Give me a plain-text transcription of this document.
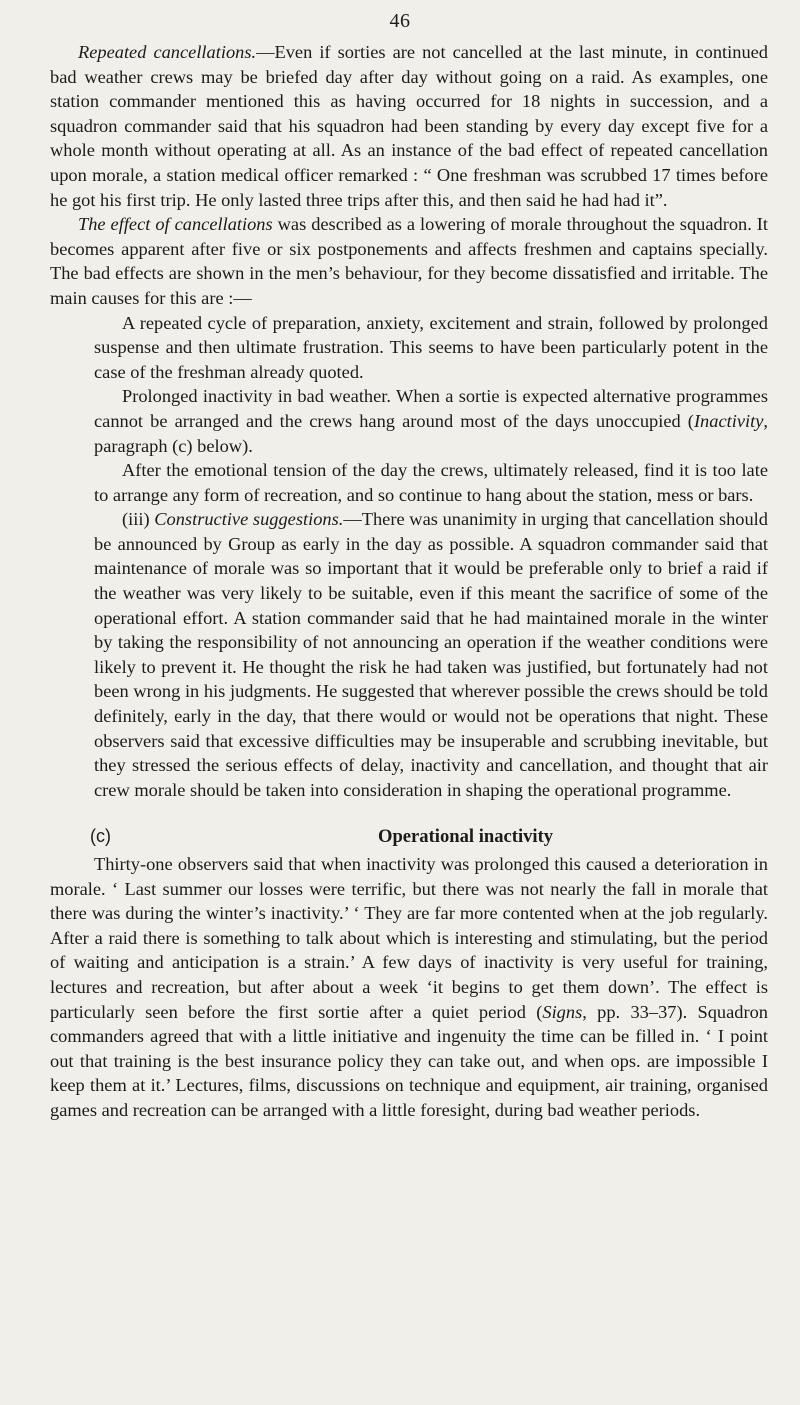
46

Repeated cancellations.—Even if sorties are not cancelled at the last minute, in continued bad weather crews may be briefed day after day without going on a raid. As examples, one station commander mentioned this as having occurred for 18 nights in succession, and a squadron commander said that his squadron had been standing by every day except five for a whole month without operating at all. As an instance of the bad effect of repeated cancellation upon morale, a station medical officer remarked : “ One freshman was scrubbed 17 times before he got his first trip. He only lasted three trips after this, and then said he had had it”.

The effect of cancellations was described as a lowering of morale throughout the squadron. It becomes apparent after five or six postponements and affects freshmen and captains specially. The bad effects are shown in the men’s behaviour, for they become dissatisfied and irritable. The main causes for this are :—

A repeated cycle of preparation, anxiety, excitement and strain, followed by prolonged suspense and then ultimate frustration. This seems to have been particularly potent in the case of the freshman already quoted.

Prolonged inactivity in bad weather. When a sortie is expected alternative programmes cannot be arranged and the crews hang around most of the days unoccupied (Inactivity, paragraph (c) below).

After the emotional tension of the day the crews, ultimately released, find it is too late to arrange any form of recreation, and so continue to hang about the station, mess or bars.

(iii) Constructive suggestions.—There was unanimity in urging that cancellation should be announced by Group as early in the day as possible. A squadron commander said that maintenance of morale was so important that it would be preferable only to brief a raid if the weather was very likely to be suitable, even if this meant the sacrifice of some of the operational effort. A station commander said that he had maintained morale in the winter by taking the responsibility of not announcing an operation if the weather conditions were likely to prevent it. He thought the risk he had taken was justified, but fortunately had not been wrong in his judgments. He suggested that wherever possible the crews should be told definitely, early in the day, that there would or would not be operations that night. These observers said that excessive difficulties may be insuperable and scrubbing inevitable, but they stressed the serious effects of delay, inactivity and cancellation, and thought that air crew morale should be taken into consideration in shaping the operational programme.

(c)	Operational inactivity

Thirty-one observers said that when inactivity was prolonged this caused a deterioration in morale. ‘ Last summer our losses were terrific, but there was not nearly the fall in morale that there was during the winter’s inactivity.’ ‘ They are far more contented when at the job regularly. After a raid there is something to talk about which is interesting and stimulating, but the period of waiting and anticipation is a strain.’ A few days of inactivity is very useful for training, lectures and recreation, but after about a week ‘it begins to get them down’. The effect is particularly seen before the first sortie after a quiet period (Signs, pp. 33–37). Squadron commanders agreed that with a little initiative and ingenuity the time can be filled in. ‘ I point out that training is the best insurance policy they can take out, and when ops. are impossible I keep them at it.’ Lectures, films, discussions on technique and equipment, air training, organised games and recreation can be arranged with a little foresight, during bad weather periods.
